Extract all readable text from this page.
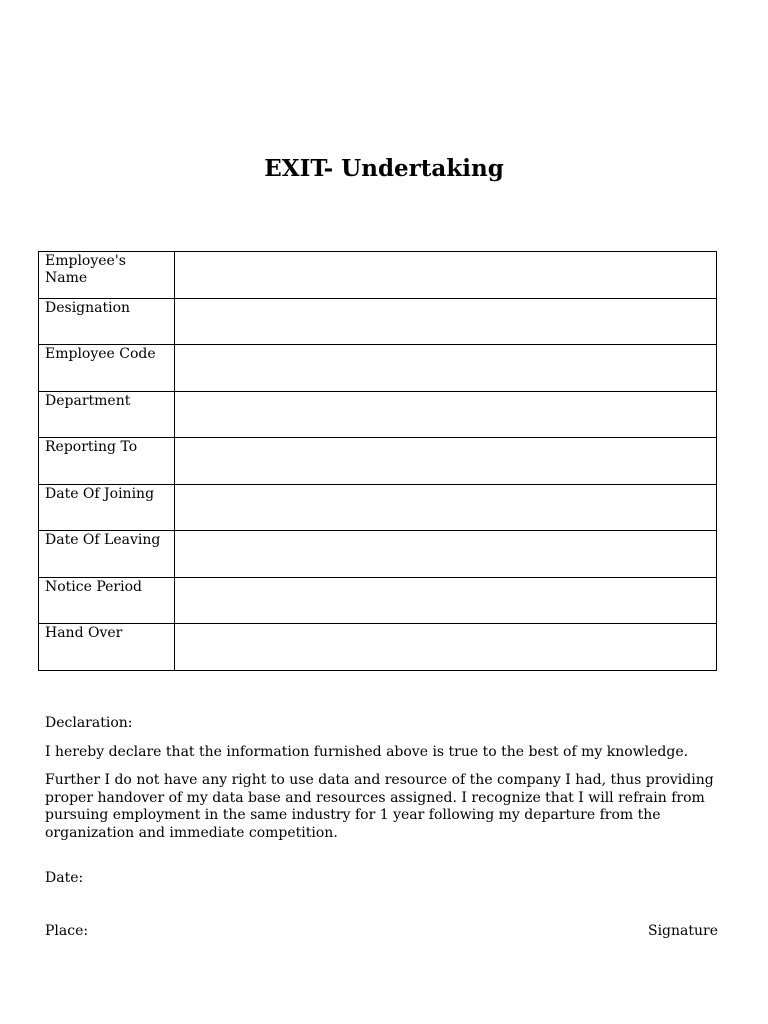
EXIT- Undertaking
Employee's Name	
Designation	
Employee Code	
Department	
Reporting To	
Date Of Joining	
Date Of Leaving	
Notice Period	
Hand Over	

Declaration:

I hereby declare that the information furnished above is true to the best of my knowledge.

Further I do not have any right to use data and resource of the company I had, thus providing proper handover of my data base and resources assigned. I recognize that I will refrain from pursuing employment in the same industry for 1 year following my departure from the organization and immediate competition.

Date:

Place:	Signature
